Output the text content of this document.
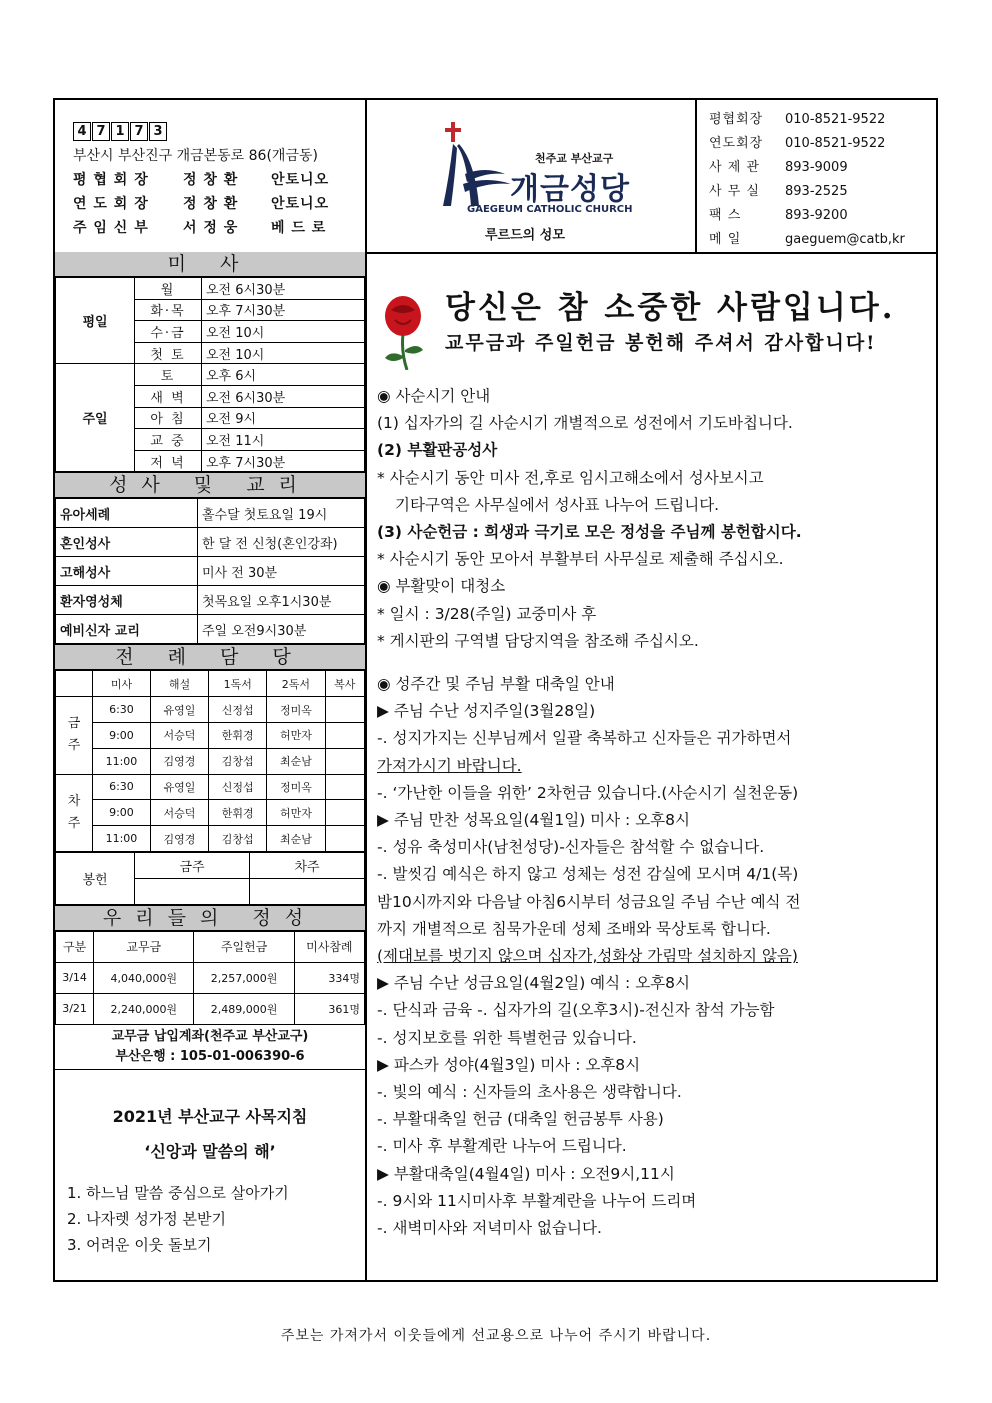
4 7 1 7 3
부산시 부산진구 개금본동로 86(개금동)
평 협 회 장	정 창 환	안토니오
연 도 회 장	정 창 환	안토니오
주 임 신 부	서 정 웅	베 드 로
천주교 부산교구
개금성당
GAEGEUM CATHOLIC CHURCH
루르드의 성모
평협회장	010-8521-9522
연도회장	010-8521-9522
사 제 관	893-9009
사 무 실	893-2525
팩 스	893-9200
메 일	gaeguem@catb,kr
미 사
평일	월	오전 6시30분
	화·목	오후 7시30분
	수·금	오전 10시
	첫 토	오전 10시
주일	토	오후 6시
	새 벽	오전 6시30분
	아 침	오전 9시
	교 중	오전 11시
	저 녁	오후 7시30분
성사 및 교리
유아세례	홀수달 첫토요일 19시
혼인성사	한 달 전 신청(혼인강좌)
고해성사	미사 전 30분
환자영성체	첫목요일 오후1시30분
예비신자 교리	주일 오전9시30분
전 례 담 당
	미사	해설	1독서	2독서	복사

금
주	6:30	유영일	신정섭	정미옥	
	9:00	서승덕	한휘경	허만자	
	11:00	김영경	김창섭	최순남	

차
주	6:30	유영일	신정섭	정미옥	
	9:00	서승덕	한휘경	허만자	
	11:00	김영경	김창섭	최순남	
봉헌	금주	차주

우리들의 정성
구분	교무금	주일헌금	미사참례
3/14	4,040,000원	2,257,000원	334명
3/21	2,240,000원	2,489,000원	361명
교무금 납입계좌(천주교 부산교구)
부산은행 : 105-01-006390-6
2021년 부산교구 사목지침
‘신앙과 말씀의 해’
1. 하느님 말씀 중심으로 살아가기
2. 나자렛 성가정 본받기
3. 어려운 이웃 돌보기
당신은 참 소중한 사람입니다.
교무금과 주일헌금 봉헌해 주셔서 감사합니다!

◉ 사순시기 안내

(1) 십자가의 길 사순시기 개별적으로 성전에서 기도바칩니다.

(2) 부활판공성사

* 사순시기 동안 미사 전,후로 임시고해소에서 성사보시고

기타구역은 사무실에서 성사표 나누어 드립니다.

(3) 사순헌금 : 희생과 극기로 모은 정성을 주님께 봉헌합시다.

* 사순시기 동안 모아서 부활부터 사무실로 제출해 주십시오.

◉ 부활맞이 대청소

* 일시 : 3/28(주일) 교중미사 후

* 게시판의 구역별 담당지역을 참조해 주십시오.

◉ 성주간 및 주님 부활 대축일 안내

▶ 주님 수난 성지주일(3월28일)

-. 성지가지는 신부님께서 일괄 축복하고 신자들은 귀가하면서

가져가시기 바랍니다.

-. ‘가난한 이들을 위한’ 2차헌금 있습니다.(사순시기 실천운동)

▶ 주님 만찬 성목요일(4월1일) 미사 : 오후8시

-. 성유 축성미사(남천성당)-신자들은 참석할 수 없습니다.

-. 발씻김 예식은 하지 않고 성체는 성전 감실에 모시며 4/1(목)

밤10시까지와 다음날 아침6시부터 성금요일 주님 수난 예식 전

까지 개별적으로 침묵가운데 성체 조배와 묵상토록 합니다.

(제대보를 벗기지 않으며 십자가,성화상 가림막 설치하지 않음)

▶ 주님 수난 성금요일(4월2일) 예식 : 오후8시

-. 단식과 금육 -. 십자가의 길(오후3시)-전신자 참석 가능함

-. 성지보호를 위한 특별헌금 있습니다.

▶ 파스카 성야(4월3일) 미사 : 오후8시

-. 빛의 예식 : 신자들의 초사용은 생략합니다.

-. 부활대축일 헌금 (대축일 헌금봉투 사용)

-. 미사 후 부활계란 나누어 드립니다.

▶ 부활대축일(4월4일) 미사 : 오전9시,11시

-. 9시와 11시미사후 부활계란을 나누어 드리며

-. 새벽미사와 저녁미사 없습니다.

주보는 가져가서 이웃들에게 선교용으로 나누어 주시기 바랍니다.
